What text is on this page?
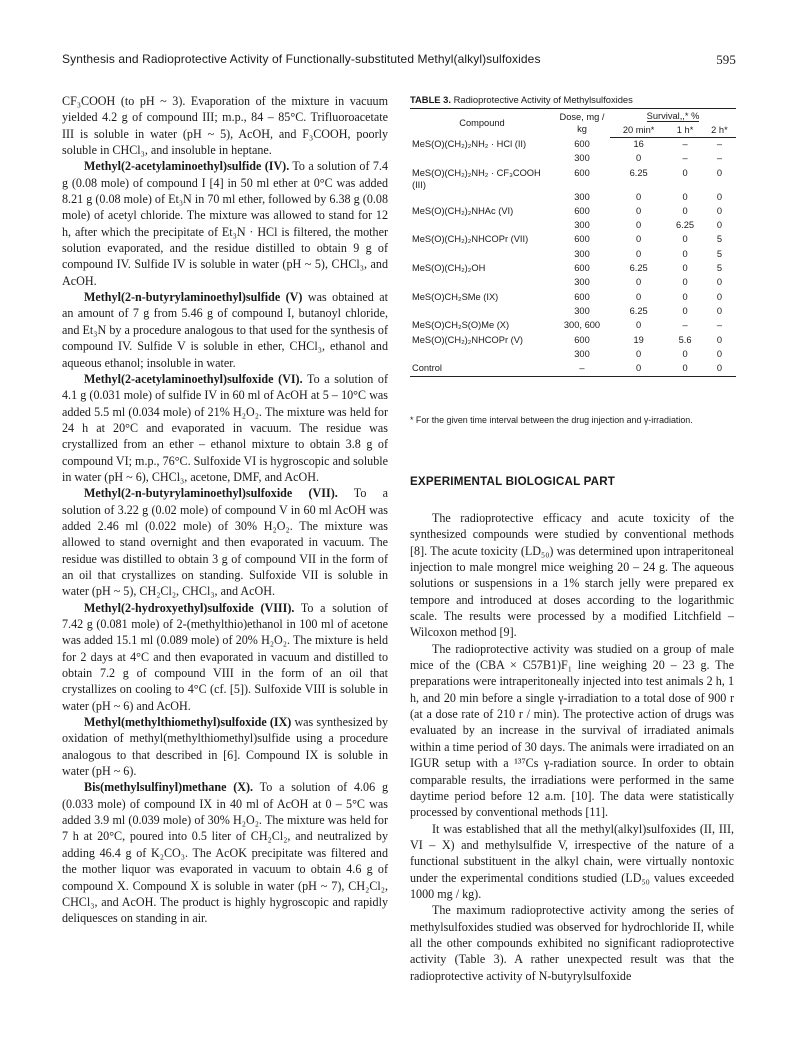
Synthesis and Radioprotective Activity of Functionally-substituted Methyl(alkyl)sulfoxides	595

CF₃COOH (to pH ~ 3). Evaporation of the mixture in vacuum yielded 4.2 g of compound III; m.p., 84 – 85°C. Trifluoroacetate III is soluble in water (pH ~ 5), AcOH, and F₃COOH, poorly soluble in CHCl₃, and insoluble in heptane.

Methyl(2-acetylaminoethyl)sulfide (IV). To a solution of 7.4 g (0.08 mole) of compound I [4] in 50 ml ether at 0°C was added 8.21 g (0.08 mole) of Et₃N in 70 ml ether, followed by 6.38 g (0.08 mole) of acetyl chloride. The mixture was allowed to stand for 12 h, after which the precipitate of Et₃N · HCl is filtered, the mother solution evaporated, and the residue distilled to obtain 9 g of compound IV. Sulfide IV is soluble in water (pH ~ 5), CHCl₃, and AcOH.

Methyl(2-n-butyrylaminoethyl)sulfide (V) was obtained at an amount of 7 g from 5.46 g of compound I, butanoyl chloride, and Et₃N by a procedure analogous to that used for the synthesis of compound IV. Sulfide V is soluble in ether, CHCl₃, ethanol and aqueous ethanol; insoluble in water.

Methyl(2-acetylaminoethyl)sulfoxide (VI). To a solution of 4.1 g (0.031 mole) of sulfide IV in 60 ml of AcOH at 5 – 10°C was added 5.5 ml (0.034 mole) of 21% H₂O₂. The mixture was held for 24 h at 20°C and evaporated in vacuum. The residue was crystallized from an ether – ethanol mixture to obtain 3.8 g of compound VI; m.p., 76°C. Sulfoxide VI is hygroscopic and soluble in water (pH ~ 6), CHCl₃, acetone, DMF, and AcOH.

Methyl(2-n-butyrylaminoethyl)sulfoxide (VII). To a solution of 3.22 g (0.02 mole) of compound V in 60 ml AcOH was added 2.46 ml (0.022 mole) of 30% H₂O₂. The mixture was allowed to stand overnight and then evaporated in vacuum. The residue was distilled to obtain 3 g of compound VII in the form of an oil that crystallizes on standing. Sulfoxide VII is soluble in water (pH ~ 5), CH₂Cl₂, CHCl₃, and AcOH.

Methyl(2-hydroxyethyl)sulfoxide (VIII). To a solution of 7.42 g (0.081 mole) of 2-(methylthio)ethanol in 100 ml of acetone was added 15.1 ml (0.089 mole) of 20% H₂O₂. The mixture is held for 2 days at 4°C and then evaporated in vacuum and distilled to obtain 7.2 g of compound VIII in the form of an oil that crystallizes on cooling to 4°C (cf. [5]). Sulfoxide VIII is soluble in water (pH ~ 6) and AcOH.

Methyl(methylthiomethyl)sulfoxide (IX) was synthesized by oxidation of methyl(methylthiomethyl)sulfide using a procedure analogous to that described in [6]. Compound IX is soluble in water (pH ~ 6).

Bis(methylsulfinyl)methane (X). To a solution of 4.06 g (0.033 mole) of compound IX in 40 ml of AcOH at 0 – 5°C was added 3.9 ml (0.039 mole) of 30% H₂O₂. The mixture was held for 7 h at 20°C, poured into 0.5 liter of CH₂Cl₂, and neutralized by adding 46.4 g of K₂CO₃. The AcOK precipitate was filtered and the mother liquor was evaporated in vacuum to obtain 4.6 g of compound X. Compound X is soluble in water (pH ~ 7), CH₂Cl₂, CHCl₃, and AcOH. The product is highly hygroscopic and rapidly deliquesces on standing in air.

TABLE 3. Radioprotective Activity of Methylsulfoxides
Compound	Dose, mg / kg	Survival,,* %		
		20 min*	1 h*	2 h*
MeS(O)(CH₂)₂NH₂ · HCl (II)	600	16	–	–
	300	0	–	–
MeS(O)(CH₂)₂NH₂ · CF₃COOH (III)	600	6.25	0	0
	300	0	0	0
MeS(O)(CH₂)₂NHAc (VI)	600	0	0	0
	300	0	6.25	0
MeS(O)(CH₂)₂NHCOPr (VII)	600	0	0	5
	300	0	0	5
MeS(O)(CH₂)₂OH	600	6.25	0	5
	300	0	0	0
MeS(O)CH₂SMe (IX)	600	0	0	0
	300	6.25	0	0
MeS(O)CH₂S(O)Me (X)	300, 600	0	–	–
MeS(O)(CH₂)₂NHCOPr (V)	600	19	5.6	0
	300	0	0	0
Control	–	0	0	0
* For the given time interval between the drug injection and γ-irradiation.
EXPERIMENTAL BIOLOGICAL PART

The radioprotective efficacy and acute toxicity of the synthesized compounds were studied by conventional methods [8]. The acute toxicity (LD₅₀) was determined upon intraperitoneal injection to male mongrel mice weighing 20 – 24 g. The aqueous solutions or suspensions in a 1% starch jelly were prepared ex tempore and introduced at doses according to the logarithmic scale. The results were processed by a modified Litchfield – Wilcoxon method [9].

The radioprotective activity was studied on a group of male mice of the (CBA × C57B1)F₁ line weighing 20 – 23 g. The preparations were intraperitoneally injected into test animals 2 h, 1 h, and 20 min before a single γ-irradiation to a total dose of 900 r (at a dose rate of 210 r / min). The protective action of drugs was evaluated by an increase in the survival of irradiated animals within a time period of 30 days. The animals were irradiated on an IGUR setup with a ¹³⁷Cs γ-radiation source. In order to obtain comparable results, the irradiations were performed in the same daytime period before 12 a.m. [10]. The data were statistically processed by conventional methods [11].

It was established that all the methyl(alkyl)sulfoxides (II, III, VI – X) and methylsulfide V, irrespective of the nature of a functional substituent in the alkyl chain, were virtually nontoxic under the experimental conditions studied (LD₅₀ values exceeded 1000 mg / kg).

The maximum radioprotective activity among the series of methylsulfoxides studied was observed for hydrochloride II, while all the other compounds exhibited no significant radioprotective activity (Table 3). A rather unexpected result was that the radioprotective activity of N-butyrylsulfoxide
